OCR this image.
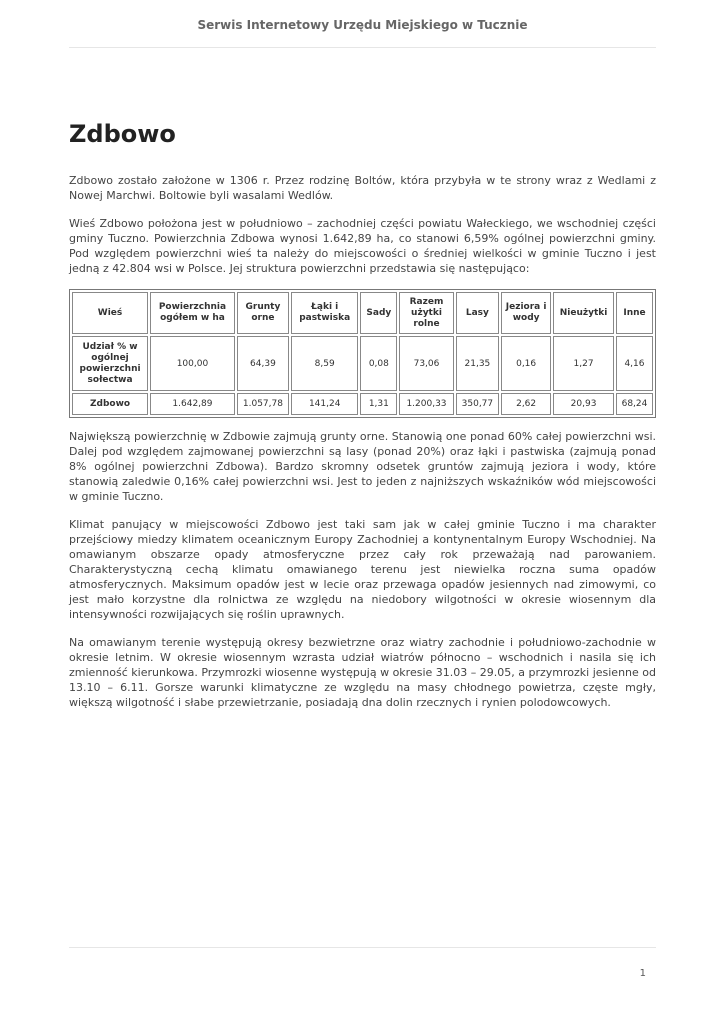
Serwis Internetowy Urzędu Miejskiego w Tucznie
Zdbowo

Zdbowo zostało założone w 1306 r. Przez rodzinę Boltów, która przybyła w te strony wraz z Wedlami z Nowej Marchwi. Boltowie byli wasalami Wedlów.

Wieś Zdbowo położona jest w południowo – zachodniej części powiatu Wałeckiego, we wschodniej części gminy Tuczno. Powierzchnia Zdbowa wynosi 1.642,89 ha, co stanowi 6,59% ogólnej powierzchni gminy. Pod względem powierzchni wieś ta należy do miejscowości o średniej wielkości w gminie Tuczno i jest jedną z 42.804 wsi w Polsce. Jej struktura powierzchni przedstawia się następująco:

Wieś	Powierzchnia ogółem w ha	Grunty orne	Łąki i pastwiska	Sady	Razem użytki rolne	Lasy	Jeziora i wody	Nieużytki	Inne
Udział % w ogólnej powierzchni sołectwa	100,00	64,39	8,59	0,08	73,06	21,35	0,16	1,27	4,16
Zdbowo	1.642,89	1.057,78	141,24	1,31	1.200,33	350,77	2,62	20,93	68,24

Największą powierzchnię w Zdbowie zajmują grunty orne. Stanowią one ponad 60% całej powierzchni wsi. Dalej pod względem zajmowanej powierzchni są lasy (ponad 20%) oraz łąki i pastwiska (zajmują ponad 8% ogólnej powierzchni Zdbowa). Bardzo skromny odsetek gruntów zajmują jeziora i wody, które stanowią zaledwie 0,16% całej powierzchni wsi. Jest to jeden z najniższych wskaźników wód miejscowości w gminie Tuczno.

Klimat panujący w miejscowości Zdbowo jest taki sam jak w całej gminie Tuczno i ma charakter przejściowy miedzy klimatem oceanicznym Europy Zachodniej a kontynentalnym Europy Wschodniej. Na omawianym obszarze opady atmosferyczne przez cały rok przeważają nad parowaniem. Charakterystyczną cechą klimatu omawianego terenu jest niewielka roczna suma opadów atmosferycznych. Maksimum opadów jest w lecie oraz przewaga opadów jesiennych nad zimowymi, co jest mało korzystne dla rolnictwa ze względu na niedobory wilgotności w okresie wiosennym dla intensywności rozwijających się roślin uprawnych.

Na omawianym terenie występują okresy bezwietrzne oraz wiatry zachodnie i południowo-zachodnie w okresie letnim. W okresie wiosennym wzrasta udział wiatrów północno – wschodnich i nasila się ich zmienność kierunkowa. Przymrozki wiosenne występują w okresie 31.03 – 29.05, a przymrozki jesienne od 13.10 – 6.11. Gorsze warunki klimatyczne ze względu na masy chłodnego powietrza, częste mgły, większą wilgotność i słabe przewietrzanie, posiadają dna dolin rzecznych i rynien polodowcowych.

1
